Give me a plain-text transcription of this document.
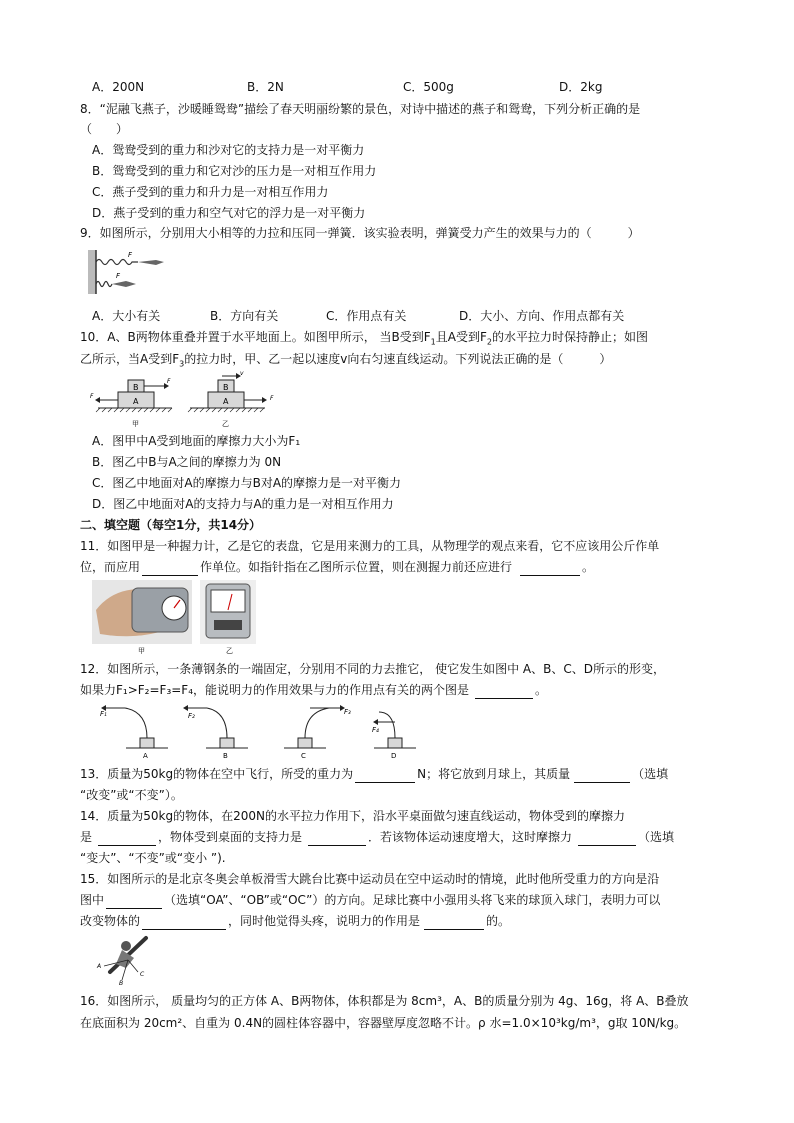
A．200N	B．2N	C．500g	D．2kg
8．“泥融飞燕子，沙暖睡鸳鸯”描绘了春天明丽纷繁的景色，对诗中描述的燕子和鸳鸯，下列分析正确的是
（　　）
A．鸳鸯受到的重力和沙对它的支持力是一对平衡力
B．鸳鸯受到的重力和它对沙的压力是一对相互作用力
C．燕子受到的重力和升力是一对相互作用力
D．燕子受到的重力和空气对它的浮力是一对平衡力
9．如图所示，分别用大小相等的力拉和压同一弹簧．该实验表明，弹簧受力产生的效果与力的（　　　）
F
F
A．大小有关	B．方向有关	C．作用点有关	D．大小、方向、作用点都有关
10．A、B两物体重叠并置于水平地面上。如图甲所示， 当B受到$F_1$且A受到$F_2$的水平拉力时保持静止；如图
乙所示，当A受到$F_3$的拉力时，甲、乙一起以速度v向右匀速直线运动。下列说法正确的是（　　　）
A
B
F
F
甲
A
B
v
F
乙
A．图甲中A受到地面的摩擦力大小为F₁
B．图乙中B与A之间的摩擦力为 0N
C．图乙中地面对A的摩擦力与B对A的摩擦力是一对平衡力
D．图乙中地面对A的支持力与A的重力是一对相互作用力
二、填空题（每空1分，共14分）
11．如图甲是一种握力计，乙是它的表盘，它是用来测力的工具，从物理学的观点来看，它不应该用公斤作单
位，而应用	作单位。如指针指在乙图所示位置，则在测握力前还应进行	。
甲	乙
12．如图所示，一条薄钢条的一端固定，分别用不同的力去推它， 使它发生如图中 A、B、C、D所示的形变，
如果力F₁>F₂=F₃=F₄，能说明力的作用效果与力的作用点有关的两个图是	。
F₁
A
F₂
B
F₃
C
F₄
D
13．质量为50kg的物体在空中飞行，所受的重力为	N；将它放到月球上，其质量	（选填
“改变”或“不变”）。
14．质量为50kg的物体，在200N的水平拉力作用下，沿水平桌面做匀速直线运动，物体受到的摩擦力
是	，物体受到桌面的支持力是	．若该物体运动速度增大，这时摩擦力	（选填
“变大”、“不变”或“变小 ”).
15．如图所示的是北京冬奥会单板滑雪大跳台比赛中运动员在空中运动时的情境，此时他所受重力的方向是沿
图中	（选填“OA”、“OB”或“OC”）的方向。足球比赛中小强用头将飞来的球顶入球门，表明力可以
改变物体的	，同时他觉得头疼，说明力的作用是	的。
A
B
C
16．如图所示， 质量均匀的正方体 A、B两物体，体积都是为 8cm³，A、B的质量分别为 4g、16g，将 A、B叠放
在底面积为 20cm²、自重为 0.4N的圆柱体容器中，容器壁厚度忽略不计。ρ 水=1.0×10³kg/m³，g取 10N/kg。
